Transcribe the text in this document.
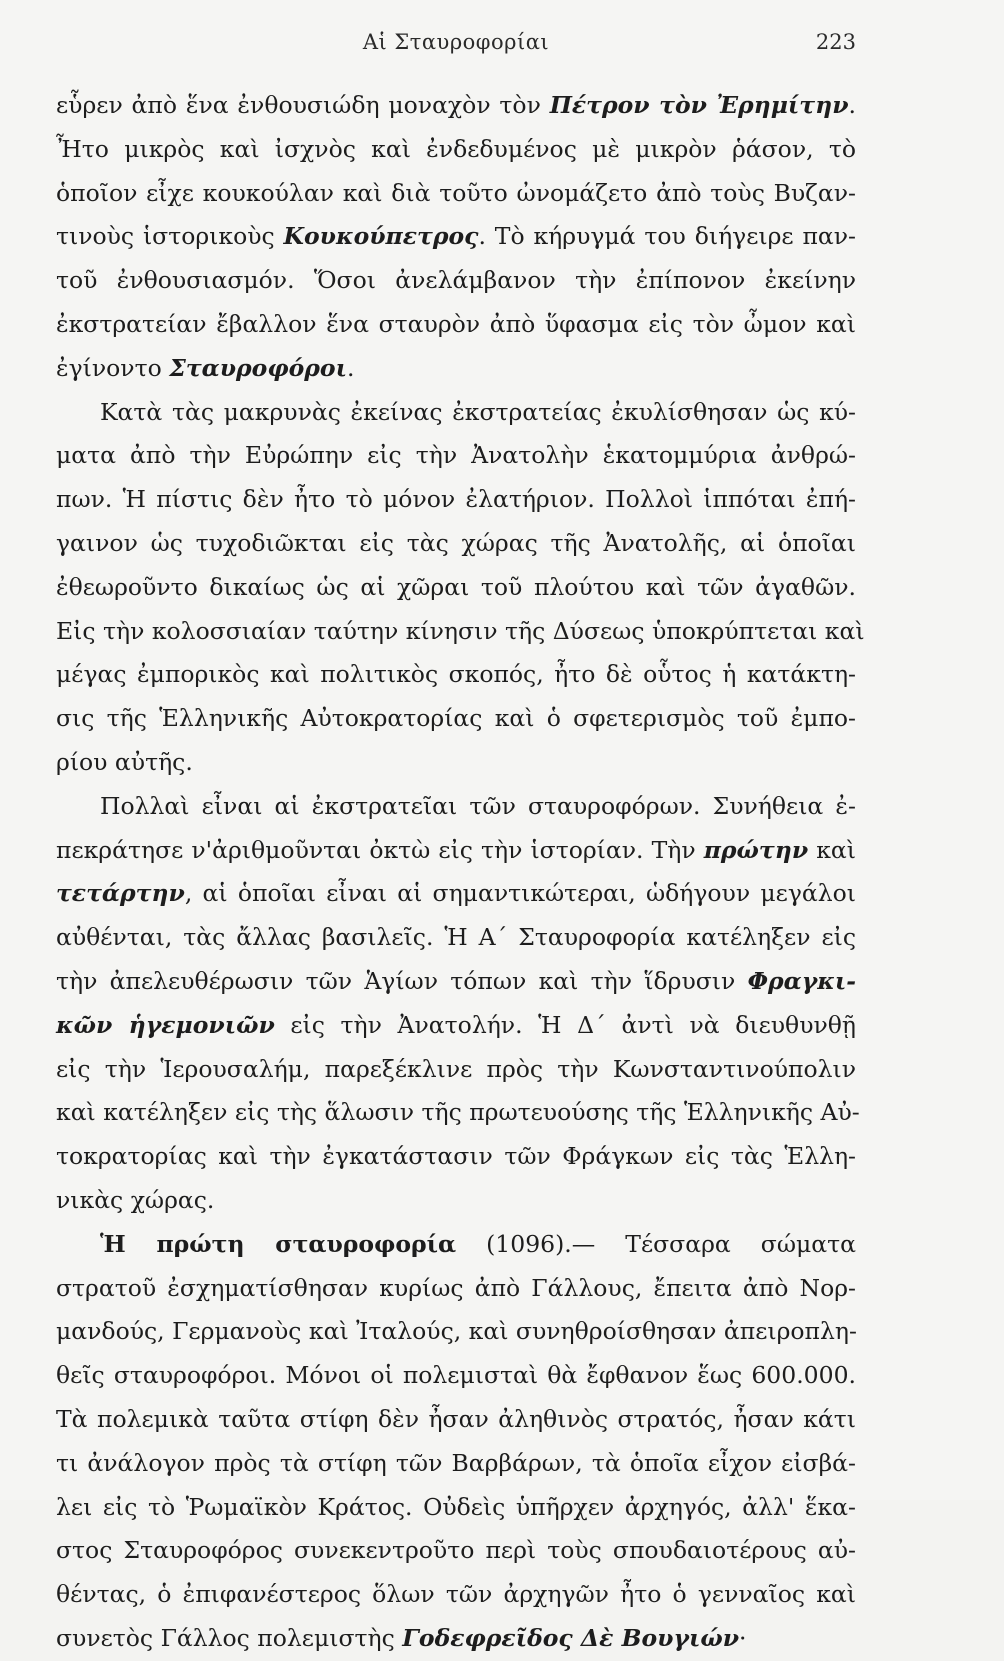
Αἱ Σταυροφορίαι	223
εὗρεν ἀπὸ ἕνα ἐνθουσιώδη μοναχὸν τὸν Πέτρον τὸν Ἐρημίτην.
Ἦτο μικρὸς καὶ ἰσχνὸς καὶ ἐνδεδυμένος μὲ μικρὸν ῥάσον, τὸ
ὁποῖον εἶχε κουκούλαν καὶ διὰ τοῦτο ὠνομάζετο ἀπὸ τοὺς Βυζαν-
τινοὺς ἱστορικοὺς Κουκούπετρος. Τὸ κήρυγμά του διήγειρε παν-
τοῦ ἐνθουσιασμόν. Ὅσοι ἀνελάμβανον τὴν ἐπίπονον ἐκείνην
ἐκστρατείαν ἔβαλλον ἕνα σταυρὸν ἀπὸ ὕφασμα εἰς τὸν ὦμον καὶ
ἐγίνοντο Σταυροφόροι.
Κατὰ τὰς μακρυνὰς ἐκείνας ἐκστρατείας ἐκυλίσθησαν ὡς κύ-
ματα ἀπὸ τὴν Εὐρώπην εἰς τὴν Ἀνατολὴν ἑκατομμύρια ἀνθρώ-
πων. Ἡ πίστις δὲν ἦτο τὸ μόνον ἐλατήριον. Πολλοὶ ἱππόται ἐπή-
γαινον ὡς τυχοδιῶκται εἰς τὰς χώρας τῆς Ἀνατολῆς, αἱ ὁποῖαι
ἐθεωροῦντο δικαίως ὡς αἱ χῶραι τοῦ πλούτου καὶ τῶν ἀγαθῶν.
Εἰς τὴν κολοσσιαίαν ταύτην κίνησιν τῆς Δύσεως ὑποκρύπτεται καὶ
μέγας ἐμπορικὸς καὶ πολιτικὸς σκοπός, ἦτο δὲ οὗτος ἡ κατάκτη-
σις τῆς Ἑλληνικῆς Αὐτοκρατορίας καὶ ὁ σφετερισμὸς τοῦ ἐμπο-
ρίου αὐτῆς.
Πολλαὶ εἶναι αἱ ἐκστρατεῖαι τῶν σταυροφόρων. Συνήθεια ἐ-
πεκράτησε ν'ἀριθμοῦνται ὀκτὼ εἰς τὴν ἱστορίαν. Τὴν πρώτην καὶ
τετάρτην, αἱ ὁποῖαι εἶναι αἱ σημαντικώτεραι, ὡδήγουν μεγάλοι
αὐθένται, τὰς ἄλλας βασιλεῖς. Ἡ Α΄ Σταυροφορία κατέληξεν εἰς
τὴν ἀπελευθέρωσιν τῶν Ἁγίων τόπων καὶ τὴν ἵδρυσιν Φραγκι-
κῶν ἡγεμονιῶν εἰς τὴν Ἀνατολήν. Ἡ Δ΄ ἀντὶ νὰ διευθυνθῇ
εἰς τὴν Ἱερουσαλήμ, παρεξέκλινε πρὸς τὴν Κωνσταντινούπολιν
καὶ κατέληξεν εἰς τὴς ἅλωσιν τῆς πρωτευούσης τῆς Ἑλληνικῆς Αὐ-
τοκρατορίας καὶ τὴν ἐγκατάστασιν τῶν Φράγκων εἰς τὰς Ἑλλη-
νικὰς χώρας.
Ἡ πρώτη σταυροφορία (1096).— Τέσσαρα σώματα
στρατοῦ ἐσχηματίσθησαν κυρίως ἀπὸ Γάλλους, ἔπειτα ἀπὸ Νορ-
μανδούς, Γερμανοὺς καὶ Ἰταλούς, καὶ συνηθροίσθησαν ἀπειροπλη-
θεῖς σταυροφόροι. Μόνοι οἱ πολεμισταὶ θὰ ἔφθανον ἕως 600.000.
Τὰ πολεμικὰ ταῦτα στίφη δὲν ἦσαν ἀληθινὸς στρατός, ἦσαν κάτι
τι ἀνάλογον πρὸς τὰ στίφη τῶν Βαρβάρων, τὰ ὁποῖα εἶχον εἰσβά-
λει εἰς τὸ Ῥωμαϊκὸν Κράτος. Οὐδεὶς ὑπῆρχεν ἀρχηγός, ἀλλ' ἕκα-
στος Σταυροφόρος συνεκεντροῦτο περὶ τοὺς σπουδαιοτέρους αὐ-
θέντας, ὁ ἐπιφανέστερος ὅλων τῶν ἀρχηγῶν ἦτο ὁ γενναῖος καὶ
συνετὸς Γάλλος πολεμιστὴς Γοδεφρεῖδος Δὲ Βουγιών·
